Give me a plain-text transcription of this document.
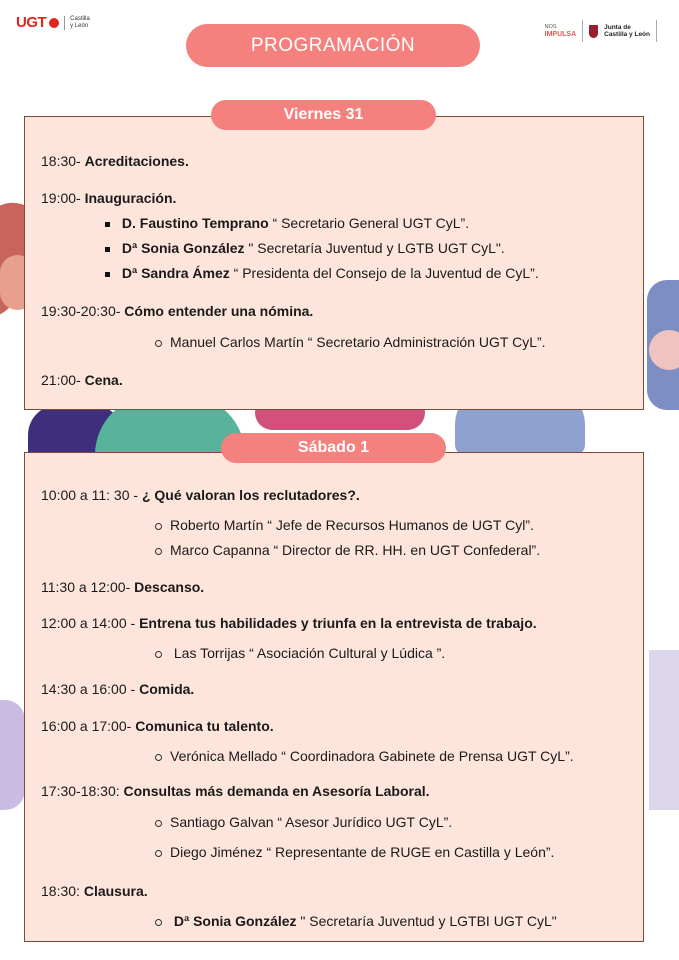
UGT	Castilla
y León	NOS
IMPULSA
Junta de
Castilla y León
PROGRAMACIÓN
Viernes 31
18:30- Acreditaciones.
19:00- Inauguración.
D. Faustino Temprano “ Secretario General UGT CyL”.
Dª Sonia González " Secretaría Juventud y LGTB UGT CyL".
Dª Sandra Ámez “ Presidenta del Consejo de la Juventud de CyL”.
19:30-20:30- Cómo entender una nómina.
Manuel Carlos Martín “ Secretario Administración UGT CyL”.
21:00- Cena.
Sábado 1
10:00 a 11: 30 - ¿ Qué valoran los reclutadores?.
Roberto Martín “ Jefe de Recursos Humanos de UGT Cyl”.
Marco Capanna “ Director de RR. HH. en UGT Confederal”.
11:30 a 12:00- Descanso.
12:00 a 14:00 - Entrena tus habilidades y triunfa en la entrevista de trabajo.
Las Torrijas “ Asociación Cultural y Lúdica ”.
14:30 a 16:00 - Comida.
16:00 a 17:00- Comunica tu talento.
Verónica Mellado “ Coordinadora Gabinete de Prensa UGT CyL”.
17:30-18:30: Consultas más demanda en Asesoría Laboral.
Santiago Galvan “ Asesor Jurídico UGT CyL”.
Diego Jiménez “ Representante de RUGE en Castilla y León”.
18:30: Clausura.
Dª Sonia González " Secretaría Juventud y LGTBI UGT CyL"
